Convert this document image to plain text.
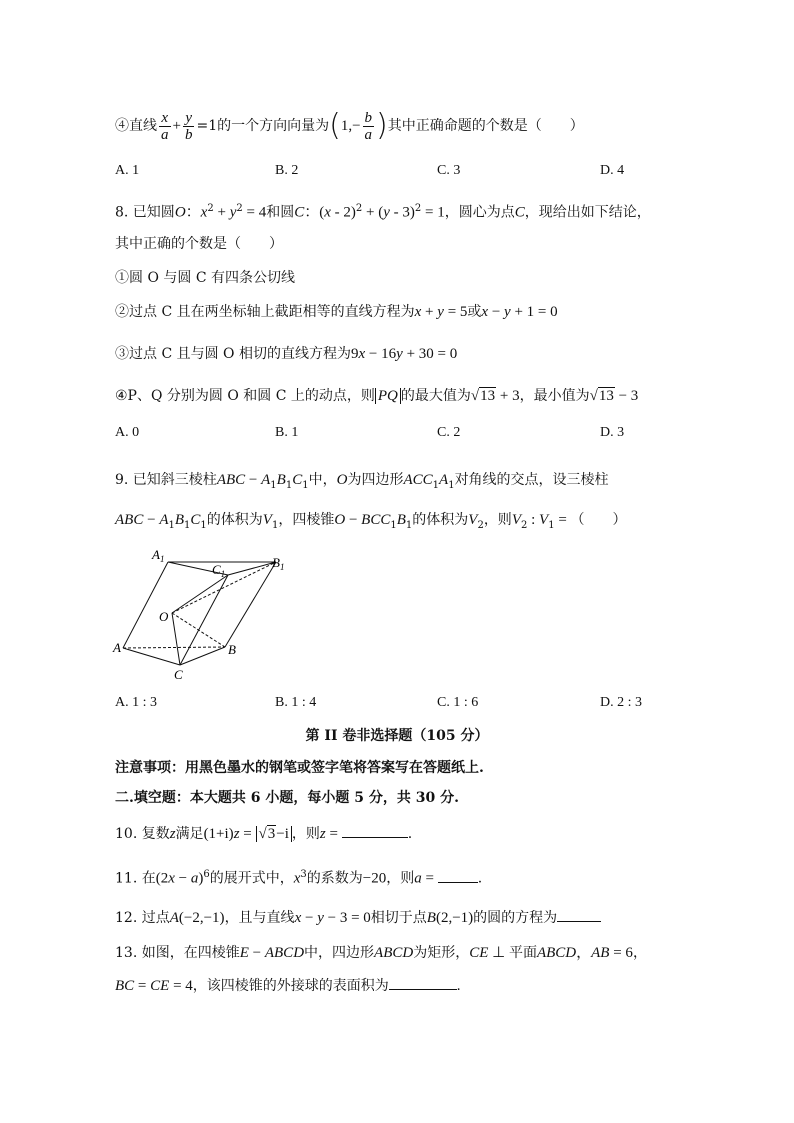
④直线 $\frac{x}{a} + \frac{y}{b} =1$的一个方向向量为($1,- \frac{b}{a}$ )其中正确命题的个数是（　　）
A. 1	B. 2	C. 3	D. 4
8. 已知圆O：$x^2 + y^2 = 4$和圆C：(x - 2)$^2$ + (y - 3)$^2$ = 1，圆心为点C，现给出如下结论，
其中正确的个数是（　　）
①圆 O 与圆 C 有四条公切线
②过点 C 且在两坐标轴上截距相等的直线方程为x + y = 5或x − y + 1 = 0
③过点 C 且与圆 O 相切的直线方程为9x − 16y + 30 = 0
④P、Q 分别为圆 O 和圆 C 上的动点，则 PQ 的最大值为√13 + 3，最小值为√13 − 3
A. 0	B. 1	C. 2	D. 3
9. 已知斜三棱柱ABC − $A_1B_1C_1$中，O为四边形$ACC_1A_1$对角线的交点，设三棱柱
ABC − $A_1B_1C_1$的体积为$V_1$，四棱锥$O - BCC_1B_1$的体积为$V_2$，则$V_2$ : $V_1$ = （　　）
$A_1$
$C_1$
$B_1$
O
A	B
C
A. 1 : 3	B. 1 : 4	C. 1 : 6	D. 2 : 3
第 II 卷非选择题（105 分）
注意事项：用黑色墨水的钢笔或签字笔将答案写在答题纸上.
二.填空题：本大题共 6 小题，每小题 5 分，共 30 分.
10. 复数z满足(1+i)z = √3−i ，则z =	.
11. 在$(2x - a)^6$的展开式中，$x^3$的系数为−20，则a =	.
12. 过点A(−2,−1)，且与直线x − y − 3 = 0相切于点B(2,−1)的圆的方程为
13. 如图，在四棱锥E − ABCD中，四边形ABCD为矩形，CE ⊥ 平面ABCD，AB = 6，
BC = CE = 4，该四棱锥的外接球的表面积为	.
